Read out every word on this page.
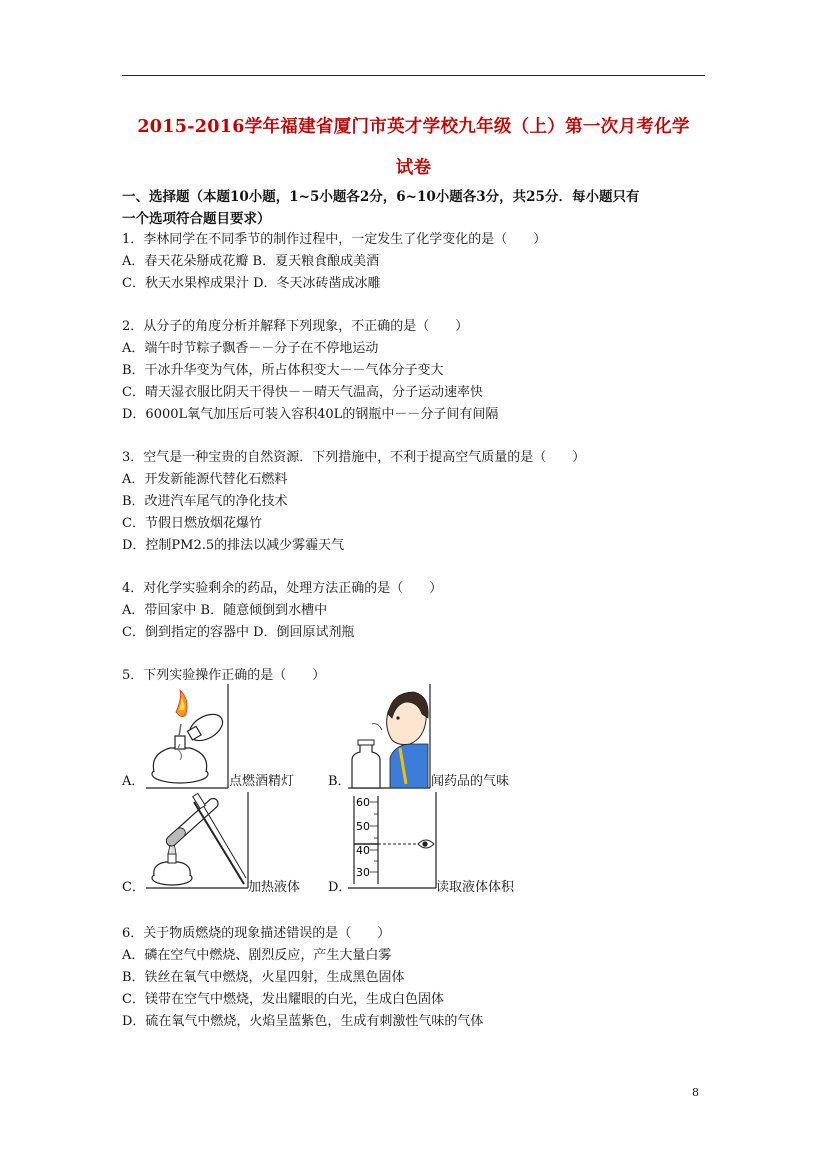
2015-2016学年福建省厦门市英才学校九年级（上）第一次月考化学
试卷
一、选择题（本题10小题，1~5小题各2分，6~10小题各3分，共25分．每小题只有
一个选项符合题目要求）
1．李林同学在不同季节的制作过程中，一定发生了化学变化的是（　　）
A．春天花朵掰成花瓣 B．夏天粮食酿成美酒
C．秋天水果榨成果汁 D．冬天冰砖凿成冰雕
2．从分子的角度分析并解释下列现象，不正确的是（　　）
A．端午时节粽子飘香－－分子在不停地运动
B．干冰升华变为气体，所占体积变大－－气体分子变大
C．晴天湿衣服比阴天干得快－－晴天气温高，分子运动速率快
D．6000L氧气加压后可装入容积40L的钢瓶中－－分子间有间隔
3．空气是一种宝贵的自然资源．下列措施中，不利于提高空气质量的是（　　）
A．开发新能源代替化石燃料
B．改进汽车尾气的净化技术
C．节假日燃放烟花爆竹
D．控制PM2.5的排法以减少雾霾天气
4．对化学实验剩余的药品，处理方法正确的是（　　）
A．带回家中 B．随意倾倒到水槽中
C．倒到指定的容器中 D．倒回原试剂瓶
5．下列实验操作正确的是（　　）
A．	点燃酒精灯	B．	闻药品的气味
C．	加热液体
60
50
40
30
D．	读取液体体积
6．关于物质燃烧的现象描述错误的是（　　）
A．磷在空气中燃烧、剧烈反应，产生大量白雾
B．铁丝在氧气中燃烧，火星四射，生成黑色固体
C．镁带在空气中燃烧，发出耀眼的白光，生成白色固体
D．硫在氧气中燃烧，火焰呈蓝紫色，生成有刺激性气味的气体
8
